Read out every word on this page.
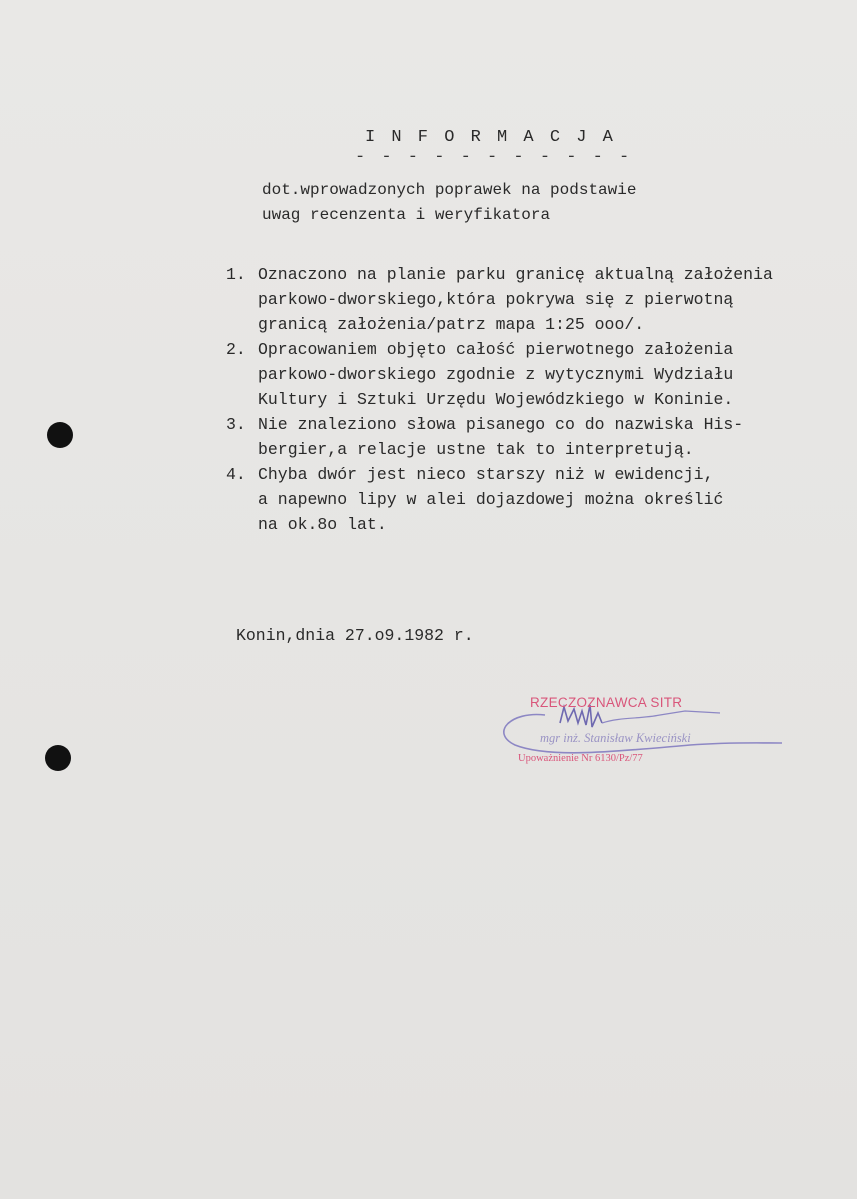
I N F O R M A C J A
- - - - - - - - - - -
dot.wprowadzonych poprawek na podstawie
uwag recenzenta i weryfikatora
1. Oznaczono na planie parku granicę aktualną założenia
parkowo-dworskiego,która pokrywa się z pierwotną
granicą założenia/patrz mapa 1:25 ooo/.
2. Opracowaniem objęto całość pierwotnego założenia
parkowo-dworskiego zgodnie z wytycznymi Wydziału
Kultury i Sztuki Urzędu Wojewódzkiego w Koninie.
3. Nie znaleziono słowa pisanego co do nazwiska His-
bergier,a relacje ustne tak to interpretują.
4. Chyba dwór jest nieco starszy niż w ewidencji,
a napewno lipy w alei dojazdowej można określić
na ok.8o lat.
Konin,dnia 27.o9.1982 r.
RZECZOZNAWCA SITR
mgr inż. Stanisław Kwieciński
Upoważnienie Nr 6130/Pz/77
